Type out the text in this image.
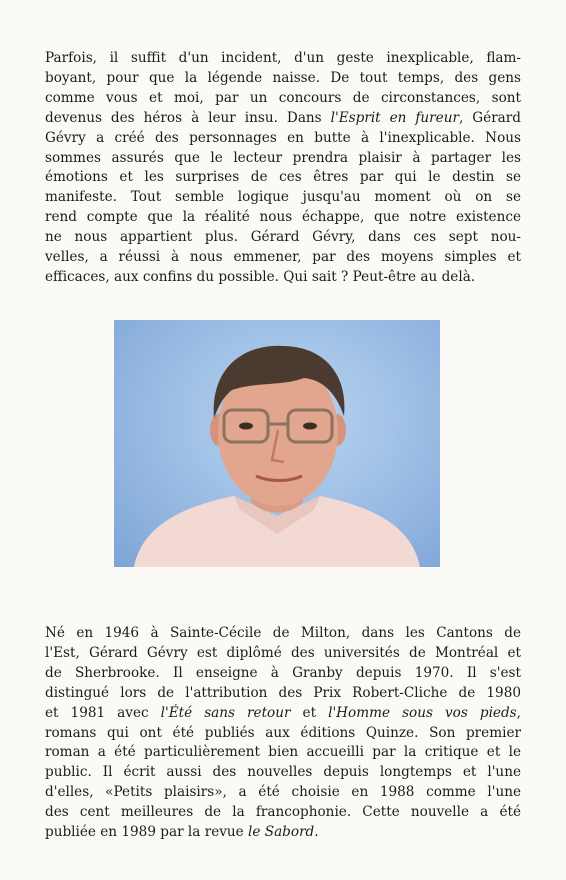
Parfois, il suffit d'un incident, d'un geste inexplicable, flam-
boyant, pour que la légende naisse. De tout temps, des gens
comme vous et moi, par un concours de circonstances, sont
devenus des héros à leur insu. Dans l'Esprit en fureur, Gérard
Gévry a créé des personnages en butte à l'inexplicable. Nous
sommes assurés que le lecteur prendra plaisir à partager les
émotions et les surprises de ces êtres par qui le destin se
manifeste. Tout semble logique jusqu'au moment où on se
rend compte que la réalité nous échappe, que notre existence
ne nous appartient plus. Gérard Gévry, dans ces sept nou-
velles, a réussi à nous emmener, par des moyens simples et
efficaces, aux confins du possible. Qui sait ? Peut-être au delà.

Né en 1946 à Sainte-Cécile de Milton, dans les Cantons de
l'Est, Gérard Gévry est diplômé des universités de Montréal et
de Sherbrooke. Il enseigne à Granby depuis 1970. Il s'est
distingué lors de l'attribution des Prix Robert-Cliche de 1980
et 1981 avec l'Été sans retour et l'Homme sous vos pieds,
romans qui ont été publiés aux éditions Quinze. Son premier
roman a été particulièrement bien accueilli par la critique et le
public. Il écrit aussi des nouvelles depuis longtemps et l'une
d'elles, «Petits plaisirs», a été choisie en 1988 comme l'une
des cent meilleures de la francophonie. Cette nouvelle a été
publiée en 1989 par la revue le Sabord.
